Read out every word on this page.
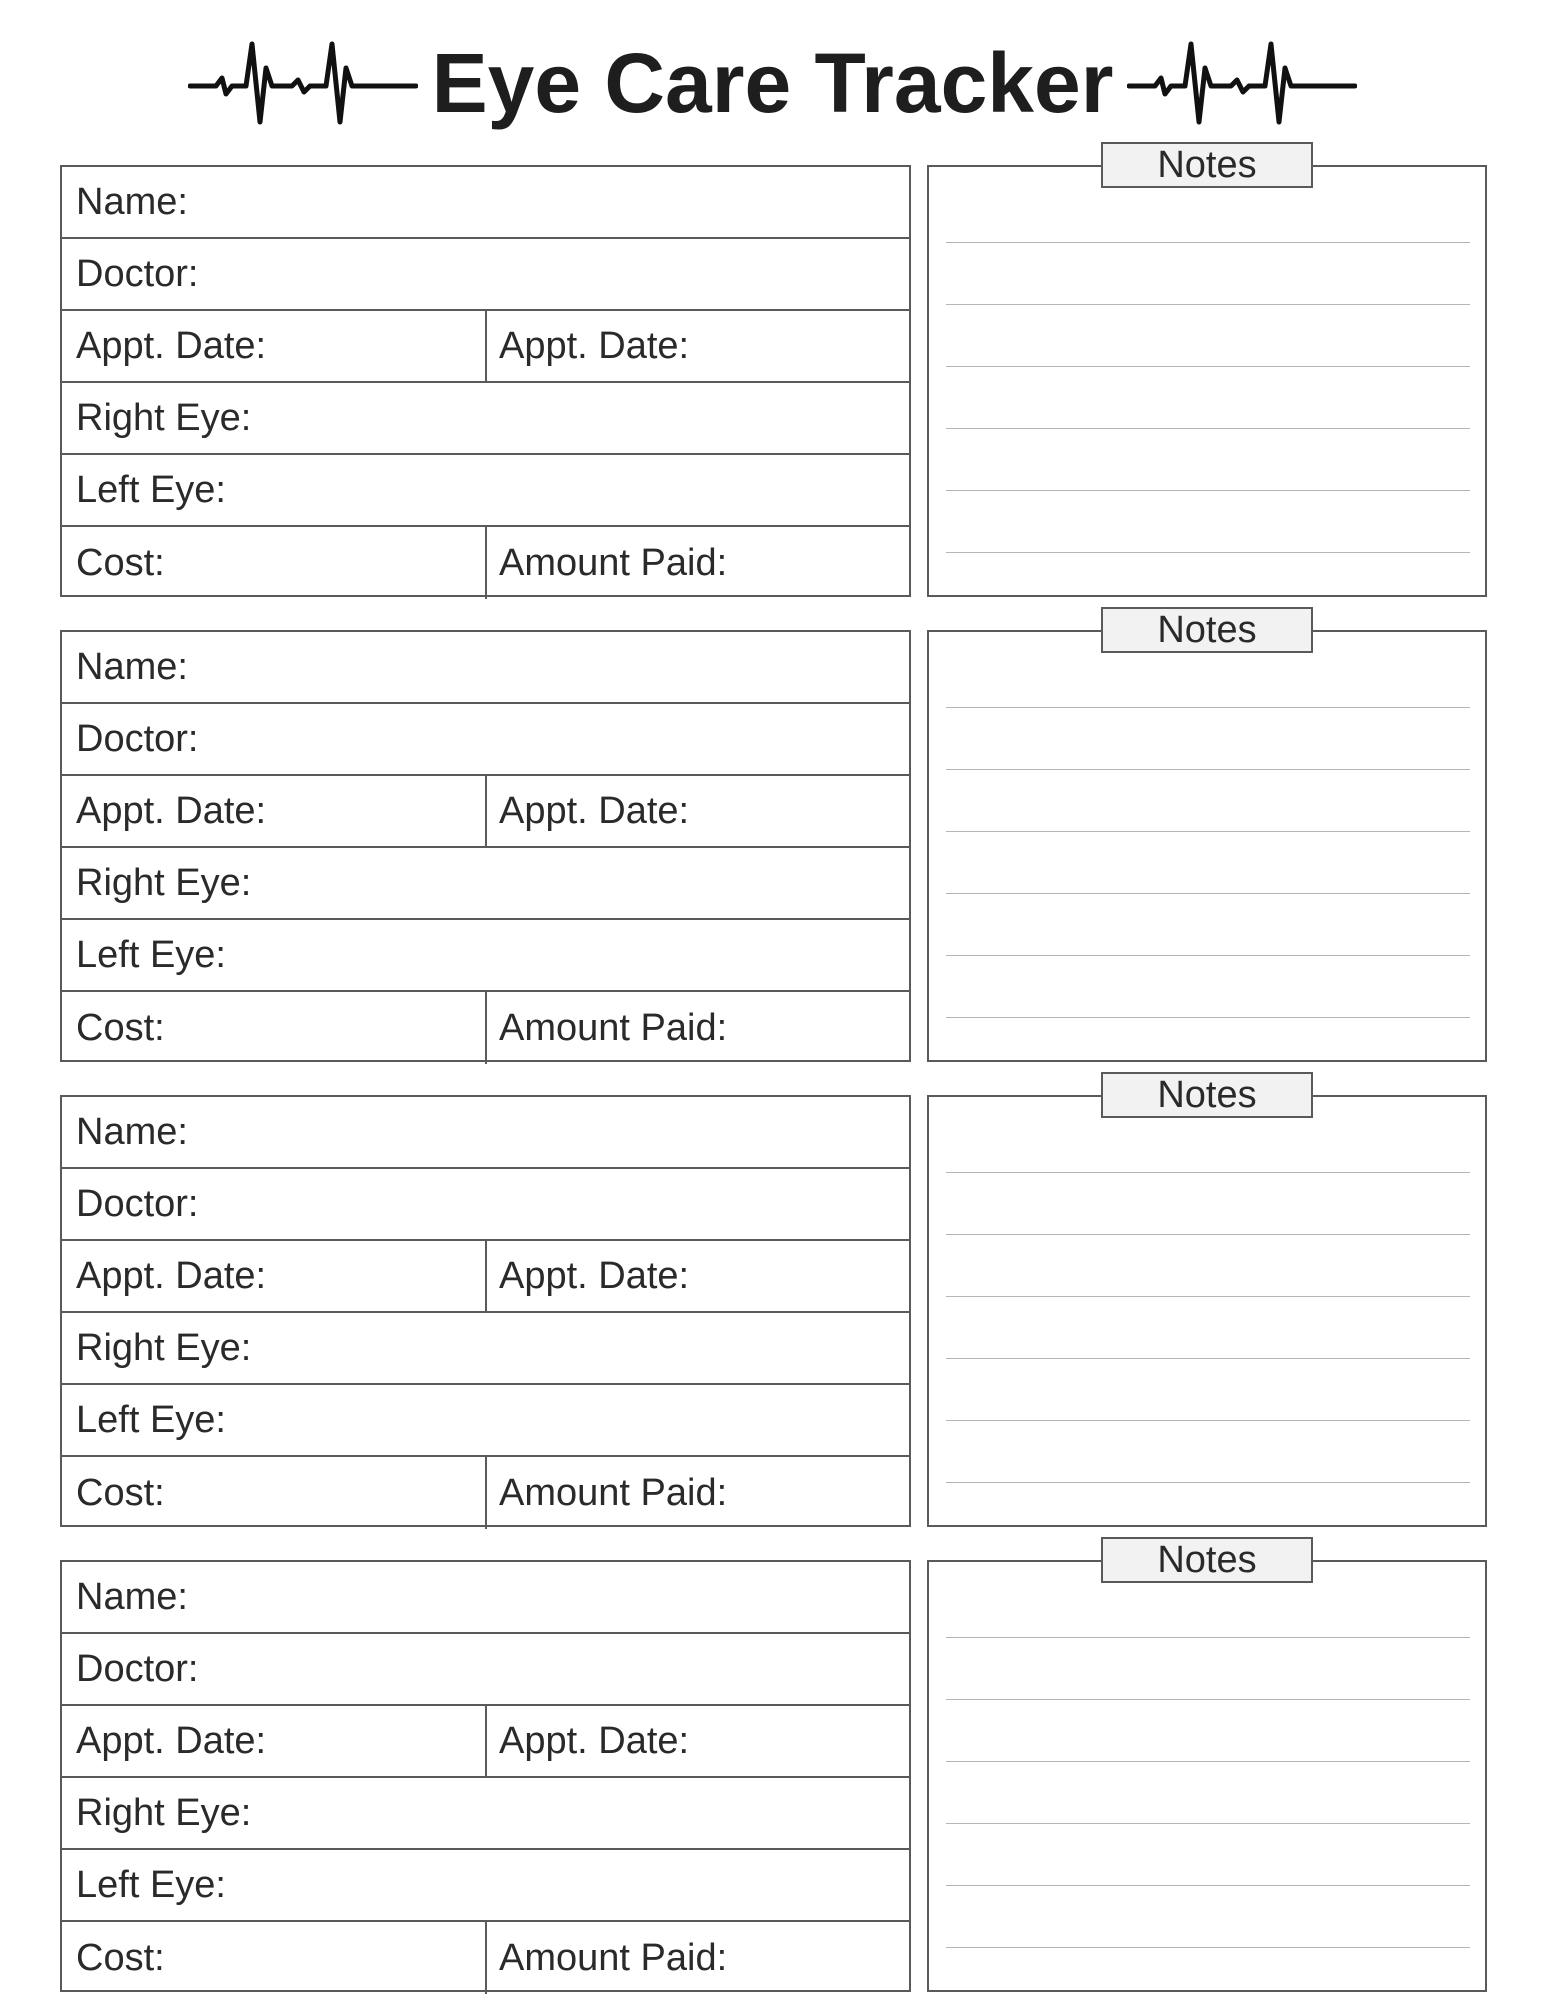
Eye Care Tracker
Name:
Doctor:
Appt. Date:	Appt. Date:
Right Eye:
Left Eye:
Cost:	Amount Paid:
Notes
Name:
Doctor:
Appt. Date:	Appt. Date:
Right Eye:
Left Eye:
Cost:	Amount Paid:
Notes
Name:
Doctor:
Appt. Date:	Appt. Date:
Right Eye:
Left Eye:
Cost:	Amount Paid:
Notes
Name:
Doctor:
Appt. Date:	Appt. Date:
Right Eye:
Left Eye:
Cost:	Amount Paid:
Notes
